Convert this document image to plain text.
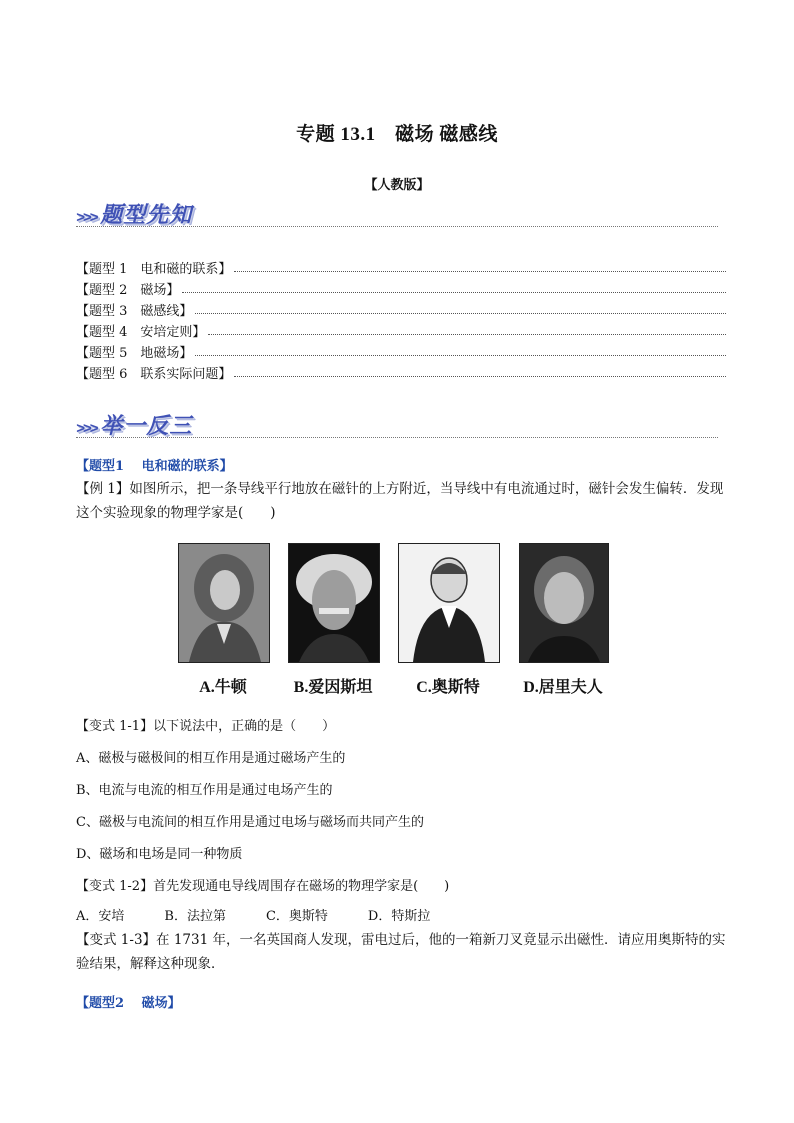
专题 13.1　磁场 磁感线
【人教版】
>>> 题型先知
【题型 1　电和磁的联系】
【题型 2　磁场】
【题型 3　磁感线】
【题型 4　安培定则】
【题型 5　地磁场】
【题型 6　联系实际问题】
>>> 举一反三
【题型1　 电和磁的联系】
【例 1】如图所示，把一条导线平行地放在磁针的上方附近，当导线中有电流通过时，磁针会发生偏转．发现这个实验现象的物理学家是(　　)
A.牛顿	B.爱因斯坦	C.奥斯特	D.居里夫人
【变式 1-1】以下说法中，正确的是（　　）
A、磁极与磁极间的相互作用是通过磁场产生的
B、电流与电流的相互作用是通过电场产生的
C、磁极与电流间的相互作用是通过电场与磁场而共同产生的
D、磁场和电场是同一种物质
【变式 1-2】首先发现通电导线周围存在磁场的物理学家是(　　)
A．安培	B．法拉第	C．奥斯特	D．特斯拉
【变式 1-3】在 1731 年，一名英国商人发现，雷电过后，他的一箱新刀叉竟显示出磁性．请应用奥斯特的实验结果，解释这种现象．
【题型2　 磁场】
